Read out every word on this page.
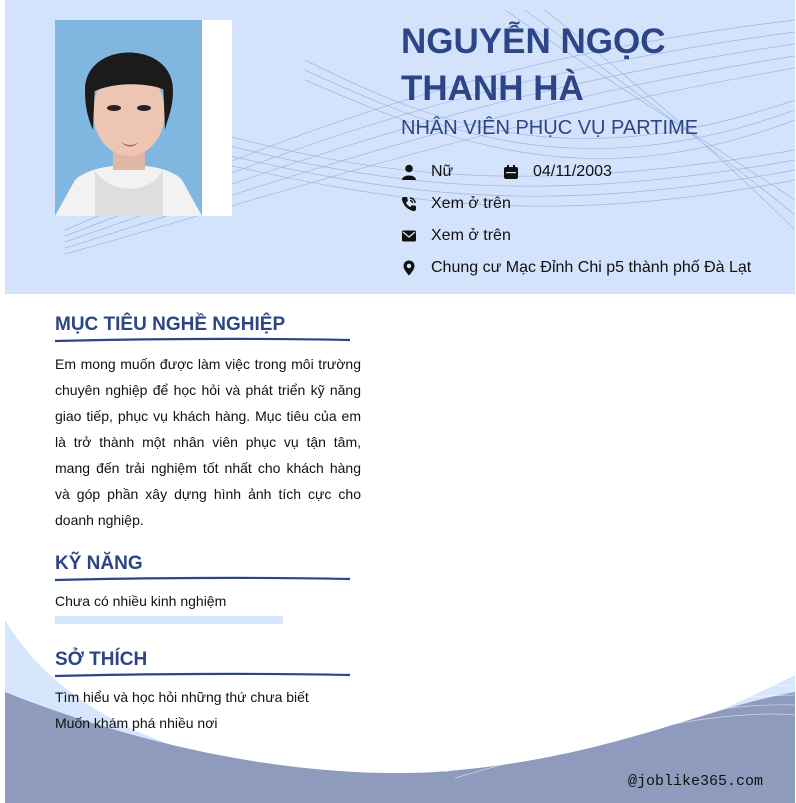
NGUYỄN NGỌC
THANH HÀ
NHÂN VIÊN PHỤC VỤ PARTIME
Nữ	04/11/2003
Xem ở trên
Xem ở trên
Chung cư Mạc Đỉnh Chi p5 thành phố Đà Lạt
MỤC TIÊU NGHỀ NGHIỆP

Em mong muốn được làm việc trong môi trường chuyên nghiệp để học hỏi và phát triển kỹ năng giao tiếp, phục vụ khách hàng. Mục tiêu của em là trở thành một nhân viên phục vụ tận tâm, mang đến trải nghiệm tốt nhất cho khách hàng và góp phần xây dựng hình ảnh tích cực cho doanh nghiệp.

KỸ NĂNG
Chưa có nhiều kinh nghiệm
SỞ THÍCH
Tìm hiểu và học hỏi những thứ chưa biết
Muốn khám phá nhiều nơi
@joblike365.com
